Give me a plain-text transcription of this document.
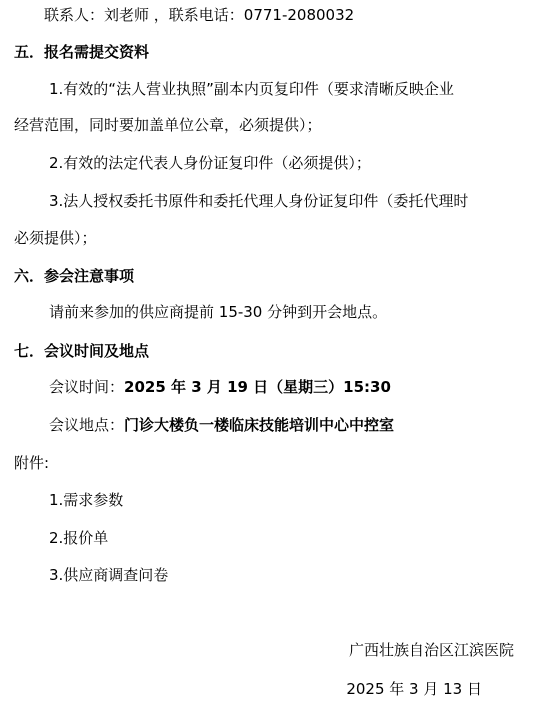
联系人：刘老师 ，联系电话：0771-2080032
五．报名需提交资料
1.有效的“法人营业执照”副本内页复印件（要求清晰反映企业
经营范围，同时要加盖单位公章，必须提供）；
2.有效的法定代表人身份证复印件（必须提供）；
3.法人授权委托书原件和委托代理人身份证复印件（委托代理时
必须提供）；
六．参会注意事项
请前来参加的供应商提前 15-30 分钟到开会地点。
七．会议时间及地点
会议时间：2025 年 3 月 19 日（星期三）15:30
会议地点：门诊大楼负一楼临床技能培训中心中控室
附件:
1.需求参数
2.报价单
3.供应商调查问卷
广西壮族自治区江滨医院
2025 年 3 月 13 日
